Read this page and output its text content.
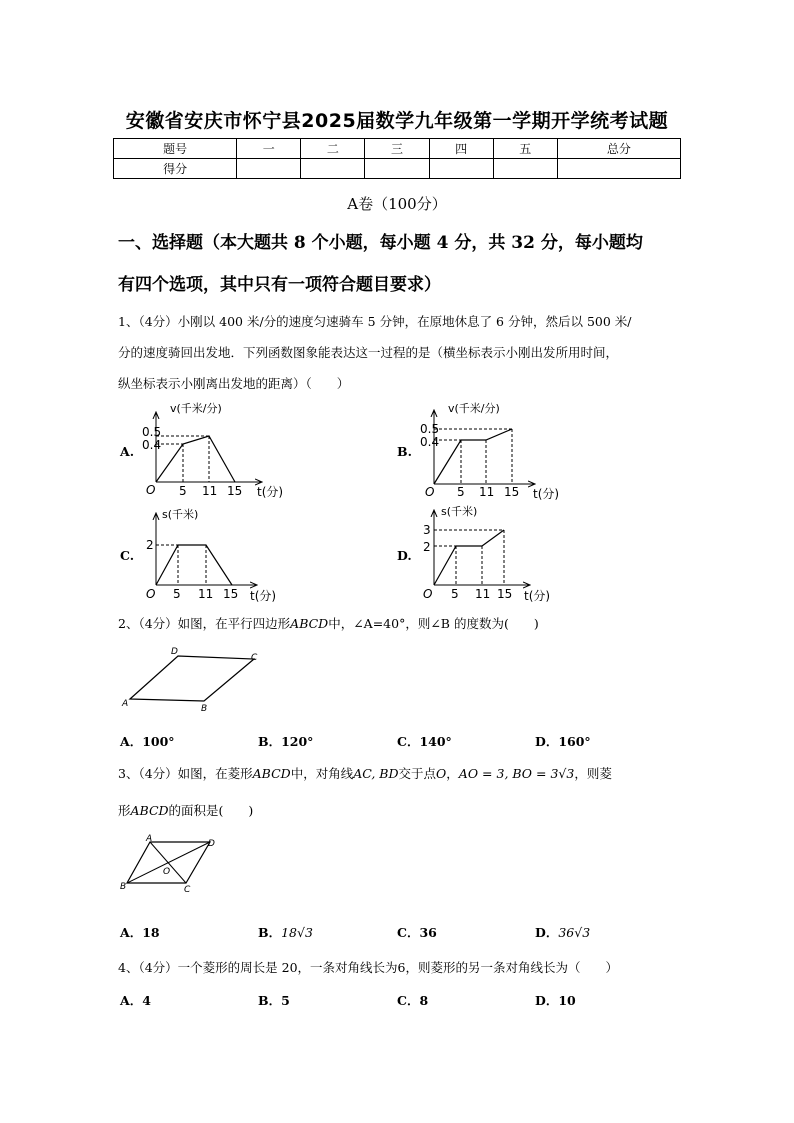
安徽省安庆市怀宁县2025届数学九年级第一学期开学统考试题
题号	一	二	三	四	五	总分
得分						
A卷（100分）
一、选择题（本大题共 8 个小题，每小题 4 分，共 32 分，每小题均
有四个选项，其中只有一项符合题目要求）
1、（4分）小刚以 400 米/分的速度匀速骑车 5 分钟，在原地休息了 6 分钟，然后以 500 米/
分的速度骑回出发地．下列函数图象能表达这一过程的是（横坐标表示小刚出发所用时间，
纵坐标表示小刚离出发地的距离）（　　）
A.	B.
C.	D.
v(千米/分)
0.5
0.4
O 5 11 15 t(分)
v(千米/分)
0.5
0.4
O 5 11 15 t(分)
s(千米)
2
O 5 11 15 t(分)
s(千米)
3
2
O 5 11 15 t(分)
2、（4分）如图，在平行四边形ABCD中，∠A=40°，则∠B 的度数为(　　)
A	B
C
D
A．100°	B．120°	C．140°	D．160°
3、（4分）如图，在菱形ABCD中，对角线AC, BD交于点O，AO = 3, BO = 3√3，则菱
形ABCD的面积是(　　)
A
B	C
D
O
A．18	B．18√3	C．36	D．36√3
4、（4分）一个菱形的周长是 20，一条对角线长为6，则菱形的另一条对角线长为（　　）
A．4	B．5	C．8	D．10
